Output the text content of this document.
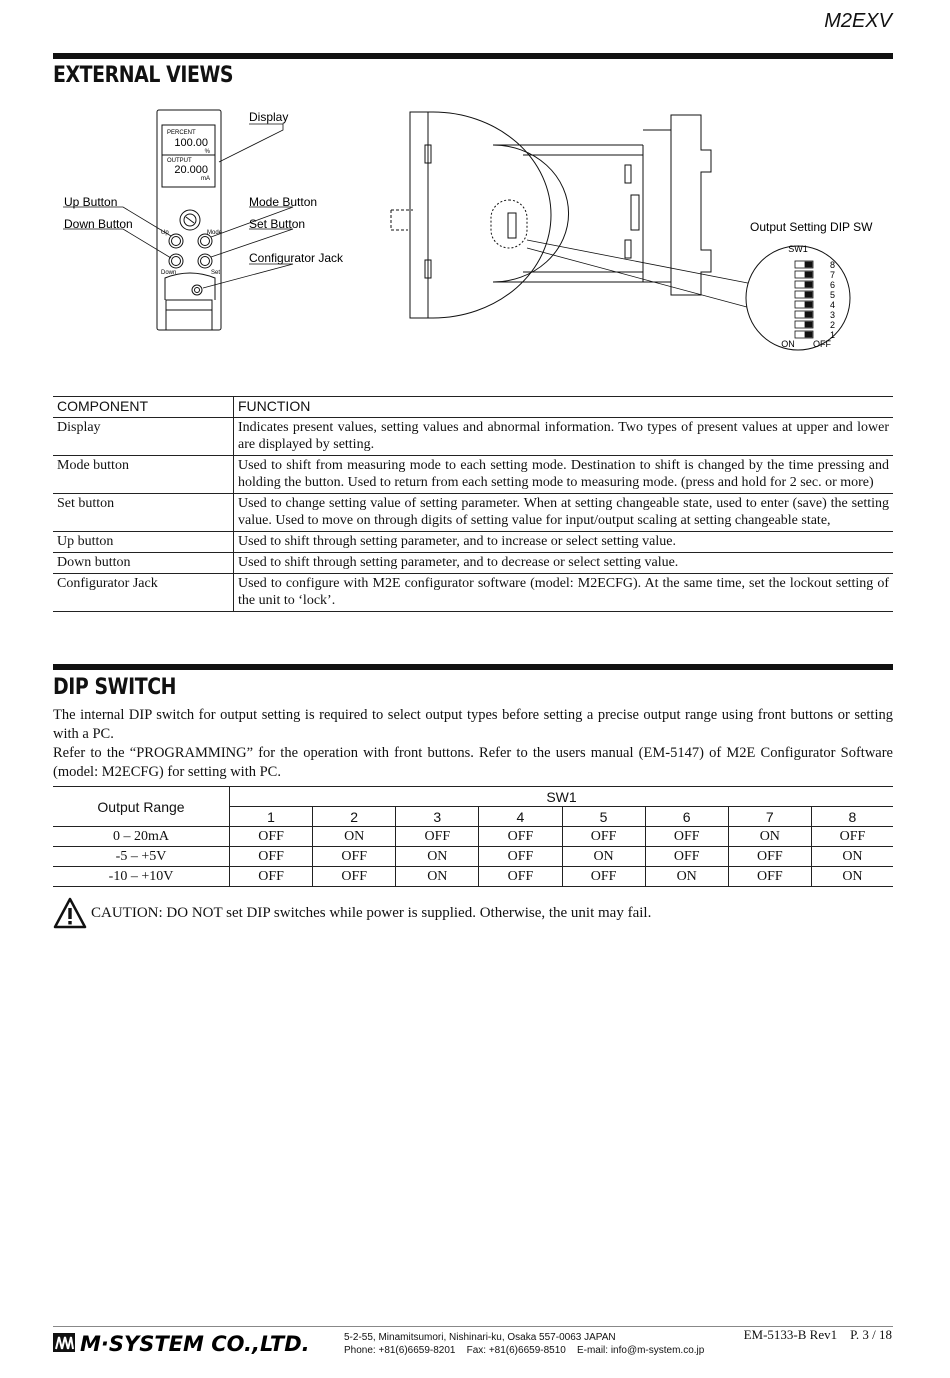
M2EXV
EXTERNAL VIEWS
PERCENT
100.00
%
OUTPUT
20.000
mA
Up	Mode
Down	Set
Display
Up Button
Down Button
Mode Button
Set Button
Configurator Jack
Output Setting DIP SW
SW1
8
7
6
5
4
3
2
1
ON OFF
COMPONENT	FUNCTION
Display	Indicates present values, setting values and abnormal information. Two types of present values at upper and lower are displayed by setting.
Mode button	Used to shift from measuring mode to each setting mode. Destination to shift is changed by the time pressing and holding the button. Used to return from each setting mode to measuring mode. (press and hold for 2 sec. or more)
Set button	Used to change setting value of setting parameter. When at setting changeable state, used to enter (save) the setting value. Used to move on through digits of setting value for input/output scaling at setting changeable state,
Up button	Used to shift through setting parameter, and to increase or select setting value.
Down button	Used to shift through setting parameter, and to decrease or select setting value.
Configurator Jack	Used to configure with M2E configurator software (model: M2ECFG). At the same time, set the lockout setting of the unit to ‘lock’.
DIP SWITCH
The internal DIP switch for output setting is required to select output types before setting a precise output range using front buttons or setting with a PC.
Refer to the “PROGRAMMING” for the operation with front buttons. Refer to the users manual (EM-5147) of M2E Configurator Software (model: M2ECFG) for setting with PC.
Output Range	SW1							
	1	2	3	4	5	6	7	8
0 – 20mA	OFF	ON	OFF	OFF	OFF	OFF	ON	OFF
-5 – +5V	OFF	OFF	ON	OFF	ON	OFF	OFF	ON
-10 – +10V	OFF	OFF	ON	OFF	OFF	ON	OFF	ON
CAUTION: DO NOT set DIP switches while power is supplied. Otherwise, the unit may fail.
M·SYSTEM CO.,LTD.	5-2-55, Minamitsumori, Nishinari-ku, Osaka 557-0063 JAPAN
Phone: +81(6)6659-8201    Fax: +81(6)6659-8510    E-mail: info@m-system.co.jp
EM-5133-B Rev1    P. 3 / 18
